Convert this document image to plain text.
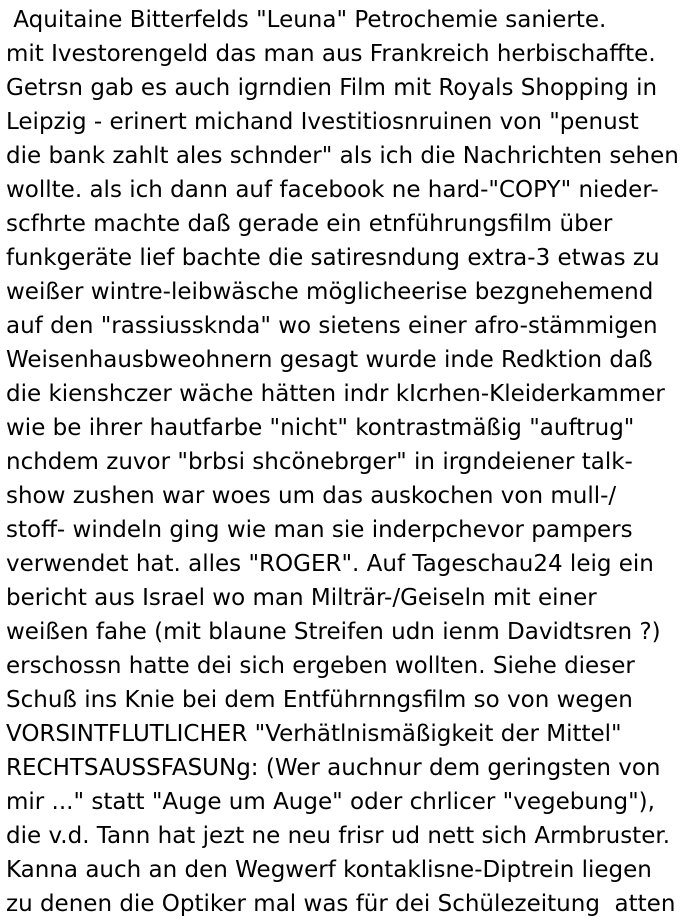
Aquitaine Bitterfelds "Leuna" Petrochemie sanierte.
mit Ivestorengeld das man aus Frankreich herbischaffte.
Getrsn gab es auch igrndien Film mit Royals Shopping in
Leipzig - erinert michand Ivestitiosnruinen von "penust
die bank zahlt ales schnder" als ich die Nachrichten sehen
wollte. als ich dann auf facebook ne hard-"COPY" nieder-
scfhrte machte daß gerade ein etnführungsfilm über
funkgeräte lief bachte die satiresndung extra-3 etwas zu
weißer wintre-leibwäsche möglicheerise bezgnehemend
auf den "rassiussknda" wo sietens einer afro-stämmigen
Weisenhausbweohnern gesagt wurde inde Redktion daß
die kienshczer wäche hätten indr kIcrhen-Kleiderkammer
wie be ihrer hautfarbe "nicht" kontrastmäßig "auftrug"
nchdem zuvor "brbsi shcönebrger" in irgndeiener talk-
show zushen war woes um das auskochen von mull-/
stoff- windeln ging wie man sie inderpchevor pampers
verwendet hat. alles "ROGER". Auf Tageschau24 leig ein
bericht aus Israel wo man Milträr-/Geiseln mit einer
weißen fahe (mit blaune Streifen udn ienm Davidtsren ?)
erschossn hatte dei sich ergeben wollten. Siehe dieser
Schuß ins Knie bei dem Entführnngsfilm so von wegen
VORSINTFLUTLICHER "Verhätlnismäßigkeit der Mittel"
RECHTSAUSSFASUNg: (Wer auchnur dem geringsten von
mir ..." statt "Auge um Auge" oder chrlicer "vegebung"),
die v.d. Tann hat jezt ne neu frisr ud nett sich Armbruster.
Kanna auch an den Wegwerf kontaklisne-Diptrein liegen
zu denen die Optiker mal was für dei Schülezeitung  atten
